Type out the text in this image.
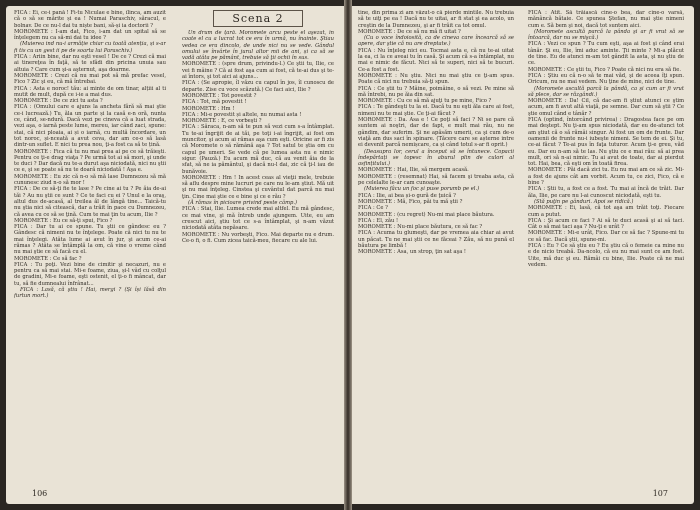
FICA : Ei, ce-i pană ! Fi-tu Niculae e bine, îlinca, am auzit că o să se mărite și ea ! Numai Paraschiv, săracul, e bolnav. De ce nu-l dai tu niște bani, să-și ia doctorii ?

MOROMETE : I-am dat, Fico, i-am dat un spital să se înțelegem nu ca să-mi dai tu idee ?

(Muierea ind nu-i armăție chiar cu toată atenția, și s-ar fi tis cu un gest ii pe de soarta lui Paraschiv.)

FICA : Ariin bine, dar nu eşti vesel ! De ce ? Crezi că mai ai tinereţea în faţă, să te sfădi din pricina unuia sau altuia ? Care cum şi-a aşternut, aşa doarme.

MOROMETE : Crezi că nu mai pot să mă prefac vesel, Fico ? Zic şi eu, că mă întrebai.

FICA : Asta e noroc! tău: ai minte de om tinar, alțiii al ti mutit de mult, după ce i-ie a mai dus.

MOROMETE : De ce zici tu asta ?

FICA : (Omului care e ajuns la ancheta fără să mai ştie ce-i lucrează.) Tu, ăla un parte și la casă e-n oră, nunta ce, când, se-ndură. Dacă vezi pe cineva că a luat strada, vezi aşa, o iarnă peste lume, mereu, iar când zaci, spune: stai, că nici ploaia, ai și o iarnă, cu multă încordare, un tot noroc, și-nceată a avut ceva, dar am ce-o să lasă dintr-un suflet. E nici tu prea nou, ţi-a fost ca să te țină.

MOROMETE : Fica că tu nu mai prea ai pe ce să trăieşti. Pentru ce ţi-e drag viaţa ? Pe urmă tot ai să mori, şi unde te duci ? Dar dacă nu te-a durut aşa niciodată, nici nu ştii ce e, şi se poate să nu te doară niciodată ! Aşa e.

MOROMETE : Eu zic că n-o să mă lase Dumnezeu să mă cununesc ziud n-o să mor !

FICA : De ce să-ţi fie te lase ? Pe cine ai tu ? Pe ăia de-ai tăi ? Au nu ştii ce sunt ? Ce te faci cu ei ? Unul e la oraş, altul dus de-acasă, al treilea ăl de lângă tine... Taică-tu nu ştia nici să citească, dar a trăit în pace cu Dumnezeu, că avea cu ce să se ţină. Cum te mai ţin tu acum, Ilie ?

MOROMETE : Eu ce să-ţi spui, Fico ?

FICA : Dar tu ai ce spune. Tu ştii ce gândesc eu ? Gândesc că nimeni nu te înţelege. Poate că nici tu nu te mai înţelegi. Atâta lume ai avut în jur, şi acum ce-ai rămas ? Atâta se întâmplă la om, că vine o vreme când nu mai ştie ce să facă cu el.

MOROMETE : Ce să fac ?

FICA : Tu poţi. Vezi bine de cimitir şi necazuri, nu e pentru ca să mai stai. Mi-e foame, ziua, și-l vâd cu colţul de gradini, Mi-e foame, eşti ostenit, el ţi-o fi mâncat, dar tu, să fie dumnealui înfrânat...

FICA : Lasă, că ştiu ! Hai, mergi ? (Și își lăsă din furtun mort.)

Scena 2

Un drum de țară. Moromete arcu peste el aşezat, în coate el cu a lucrat tot ce era în urmă, nu înainte. Ştiau vedea ce era dincolo, de unde nici nu se vede. Gândul omului se învârte în jurul altor mii de ani, și ca să se vadă atâta pe pământ, trebuie să ţii ochii în sus.

MOROMETE : (spre drum, privindu-l.) Ce ştii tu, Ilie, ce vei fi mâine ? Că ai fost aşa cum ai fost, că te-ai dus şi te-ai întors, şi tot aici ai ajuns...

FICA : (Se apropie, îl văzu cu capul în jos, îl cunoscu de departe. Zise cu voce scăzută.) Ce faci aici, Ilie ?

MOROMETE : Tot povestit ?

FICA : Tot, mă povestit !

MOROMETE : Hm !

FICA : Mi-e povestit și altele, nu numai asta !

MOROMETE : E, ce vorbeşti ?

FICA : Săraca, n-am să te pun să vezi cum s-a întâmplat. Tu te-ai îngrijit de ai tăi, pe toţi i-ai îngrijit, ai fost om muncitor, şi acum ai rămas aşa cum eşti. Oricine ar fi zis că Moromete o să rămână aşa ? Tot satul te ştia om cu capul pe umeri. Se vede că pe lumea asta nu e nimic sigur. (Pauză.) Eu acum mă duc, că au venit ăia de la sfat, să ne ia pământul, şi dacă nu-l dai, zic că ţi-l iau de bunăvoie.

MOROMETE : Hm ! In acest ceas al vieţii mele, trebuie să aflu despre mine lucruri pe care nu le-am ştiut. Mă uit şi nu mai înţeleg. Cinstea şi cuvântul dat parcă nu mai ţin. Cine mai ştie ce e bine şi ce e rău ?

(Ă rămas în picioare privind peste câmp.)

FICA : Stai, Ilie. Lumea crede mai altfel. Eu mă gândesc, ce mai vine, şi mă întreb unde ajungem. Uite, eu am crescut aici, ştiu tot ce s-a întâmplat, şi n-am văzut niciodată atâta nepăsare.

MOROMETE : Nu vorbeşti, Fico. Mai departe nu e drum. Ce-o fi, o fi. Cum zicea taică-meu, fiecare cu ale lui.

106

tine, din prima zi am văzut-o că pierde mintile. Nu trebuia să te uiţi pe ea ! Dacă nu te uitai, ar fi stat şi ea acolo, un creştin de la Dumnezeu, şi ar fi trăit ca tot omul.

MOROMETE : De ce să nu mă fi uitat ?

(Cu o voce îndoiosită, ca de cineva care încearcă să se apere, dar ştie că nu are dreptate.)

FICA : Nu înţeleg nici eu. Tocmai asta e, că nu te-ai uitat la ea, ci la ce aveai tu în casă. Şi acum că s-a întâmplat, nu mai e nimic de făcut. Nici să te superi, nici să te bucuri. Ce-a fost a fost.

MOROMETE : Nu ştiu. Nici nu mai ştiu ce ţi-am spus. Poate că nici nu trebuia să-ţi spun.

FICA : Ce ştii tu ? Mâine, poimâine, o să vezi. Pe mine să mă întrebi, nu pe ăia din sat.

MOROMETE : Cu ce să mă ajuţi tu pe mine, Fico ?

FICA : Te gândeşti tu la ei. Dacă tu nu eşti ăla care ai fost, nimeni nu te mai ştie. Ce ţi-ai făcut ?

MOROMETE : Da. Asa e ! Ce poţi să faci ? Ni se pare că suntem ai noştri, dar de fapt, e mult mai rău, nu ne gândim, dar suferim. Şi ne apăsăm umerii, ca şi cum de-o viaţă am dus saci în spinare. (Tăcere care se așterne intre ei devenit parcă nemișcare, ca și când totul s-ar fi oprit.)

(Deasupra lor, cerul a început să se întunece. Copacii îndepărtați se topesc în aburul plin de culori al asfințitului.)

MOROMETE : Hai, Ilie, să mergem acasă.

MOROMETE : (resemnat) Hai, să facem şi treaba asta, că pe celelalte le-ar cam cunoaşte.

(Muierea fâcu un foc şi puse porumb pe el.)

FICA : Ilie, ai bea și-o gură de ţuică ?

MOROMETE : Mă, Fico, păi tu mă ştii ?

FICA : Ce ?

MOROMETE : (cu regret) Nu-mi mai place băutura.

FICA : El, zău !

MOROMETE : Nu-mi place băutura, ce să fac ?

FICA : Acuma tu glumeşti, dar pe vremea aia chiar ai avut un păcat. Tu ne mai ştii ce ne făceai ? Zău, să nu pună el băutura pe limbă !

MOROMETE : Asa, un strop, ţin sat aşa !

FICA : Atit. Să trăiască cine-o bea, dar cine-o varsă, mănâncă bătaie. Ce spunea Ştefan, nu mai ştie nimeni cum e. Să bem şi noi, dacă tot suntem aici.

(Moromete ascultă parcă la pânda şi ar fi vrut să se întoarcă, dar nu se mişcă.)

FICA : Vezi ce spun ? Tu cum eşti, aşa ai fost şi când erai tânăr. Şi eu, Ilie, îmi aduc aminte. Ţii minte ? Mi-a plăcut de tine. Eu de atunci m-am tot gândit la asta, şi nu ştiu de ce.

MOROMETE : Ce ştii tu, Fico ? Poate că nici nu era să fie.

FICA : Ştiu eu că n-o să te mai văd, şi de aceea îţi spun. Oricum, nu ne mai vedem. Nu ţine de mine, nici de tine.

(Moromete ascultă parcă la pândă, ca şi cum ar fi vrut să plece, dar se răzgândi.)

MOROMETE : Da! Cil, că dac-am fi ştiut atunci ce ştim acum, am fi avut altă viaţă, pe semne. Dar cum să ştii ? Ce ştie omul când e tânăr ?

FICA (optind, întorcând privirea) : Dragostea face pe om mai deştept. Nu ţi-am spus niciodată, dar eu de-atunci tot am ştiut că o să rămâi singur. Ai fost un om de frunte. Dar oamenii de frunte nu-i iubeşte nimeni. Se tem de ei. Şi tu, ce-ai făcut ? Te-ai pus în faţa tuturor. Acum ţi-e greu, văd eu. Dar eu n-am să te las. Nu ştiu ce e mai rău: să ai prea mult, ori să n-ai nimic. Tu ai avut de toate, dar ai pierdut tot. Hai, bea, că eşti om în toată firea.

MOROMETE : Păi dacă zici tu. Eu nu mai am ce să zic. Mi-a fost de ajuns cât am vorbit. Acum tu, ce zici, Fico, că e bine ?

FICA : Ştii tu, a fost ce a fost. Tu mai ai încă de trăit. Dar ăla, Ilie, pe care nu l-ai cunoscut niciodată, eşti tu.

(Stă puţin pe gânduri. Apoi se ridică.)

MOROMETE : Ei, lasă, că tot aşa am trăit toţi. Fiecare cum a putut.

FICA : Şi acum ce faci ? Ai să te duci acasă şi ai să taci. Cât o să mai taci aşa ? Nu-ţi e urât ?

MOROMETE : Mi-e urât, Fico. Dar ce să fac ? Spune-mi tu ce să fac. Dacă ştii, spune-mi.

FICA : Eu ? Ce să ştiu eu ? Eu ştiu că o femeie ca mine nu e de nicio treabă. Da-ncolo, că eu nu mai sunt ce am fost. Uite, mă duc şi eu. Rămâi cu bine, Ilie. Poate că ne mai vedem.

107
